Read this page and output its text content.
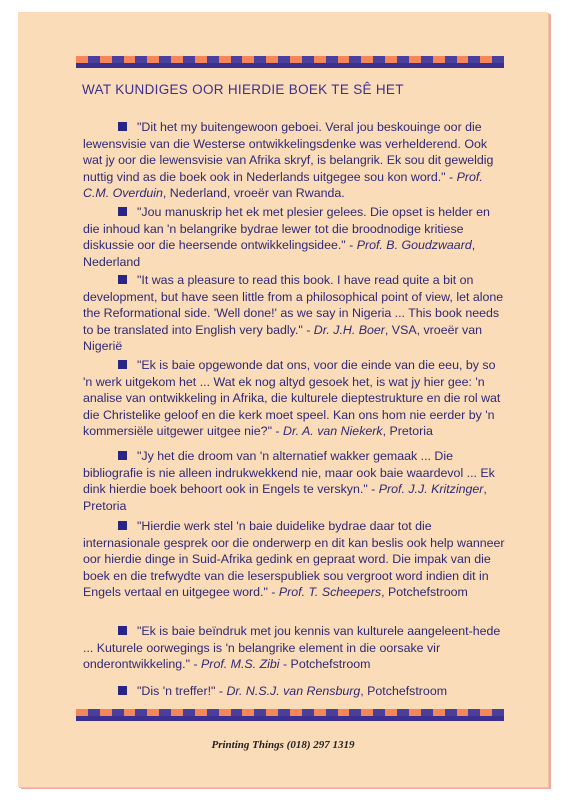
WAT KUNDIGES OOR HIERDIE BOEK TE SÊ HET
"Dit het my buitengewoon geboei. Veral jou beskouinge oor die lewensvisie van die Westerse ontwikkelingsdenke was verhelderend. Ook wat jy oor die lewensvisie van Afrika skryf, is belangrik. Ek sou dit geweldig nuttig vind as die boek ook in Nederlands uitgegee sou kon word." - Prof. C.M. Overduin, Nederland, vroeër van Rwanda.
"Jou manuskrip het ek met plesier gelees. Die opset is helder en die inhoud kan 'n belangrike bydrae lewer tot die broodnodige kritiese diskussie oor die heersende ontwikkelingsidee." - Prof. B. Goudzwaard, Nederland
"It was a pleasure to read this book. I have read quite a bit on development, but have seen little from a philosophical point of view, let alone the Reformational side. 'Well done!' as we say in Nigeria ... This book needs to be translated into English very badly." - Dr. J.H. Boer, VSA, vroeër van Nigerië
"Ek is baie opgewonde dat ons, voor die einde van die eeu, by so 'n werk uitgekom het ... Wat ek nog altyd gesoek het, is wat jy hier gee: 'n analise van ontwikkeling in Afrika, die kulturele dieptestrukture en die rol wat die Christelike geloof en die kerk moet speel. Kan ons hom nie eerder by 'n kommersiële uitgewer uitgee nie?" - Dr. A. van Niekerk, Pretoria
"Jy het die droom van 'n alternatief wakker gemaak ... Die bibliografie is nie alleen indrukwekkend nie, maar ook baie waardevol ... Ek dink hierdie boek behoort ook in Engels te verskyn." - Prof. J.J. Kritzinger, Pretoria
"Hierdie werk stel 'n baie duidelike bydrae daar tot die internasionale gesprek oor die onderwerp en dit kan beslis ook help wanneer oor hierdie dinge in Suid-Afrika gedink en gepraat word. Die impak van die boek en die trefwydte van die leserspubliek sou vergroot word indien dit in Engels vertaal en uitgegee word." - Prof. T. Scheepers, Potchefstroom
"Ek is baie beïndruk met jou kennis van kulturele aangeleent-hede ... Kuturele oorwegings is 'n belangrike element in die oorsake vir onderontwikkeling." - Prof. M.S. Zibi - Potchefstroom
"Dis 'n treffer!" - Dr. N.S.J. van Rensburg, Potchefstroom
Printing Things (018) 297 1319
